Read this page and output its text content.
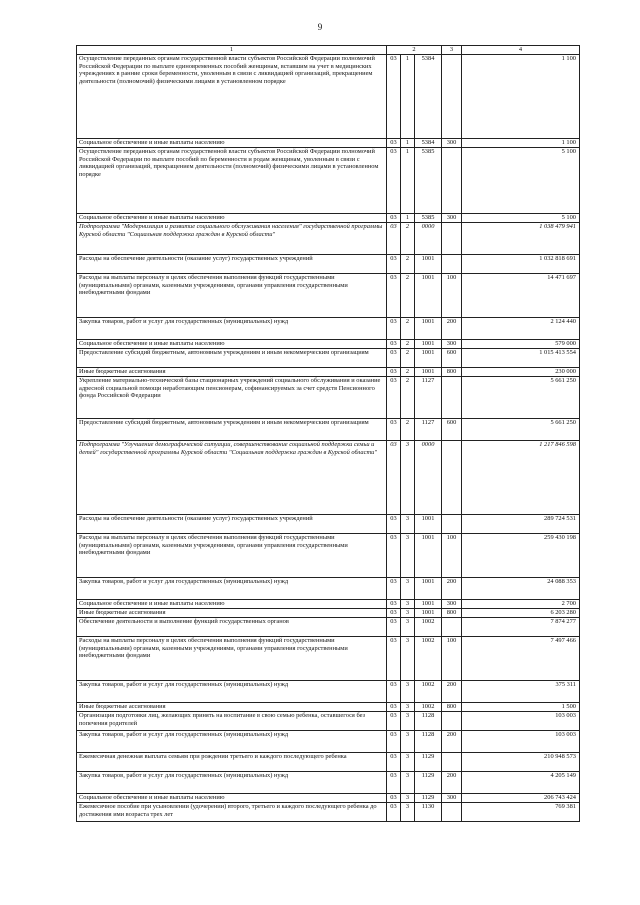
9
1	2			3	4
Осуществление переданных органам государственной власти субъектов Российской Федерации полномочий Российской Федерации по выплате единовременных пособий женщинам, вставшим на учет в медицинских учреждениях в ранние сроки беременности, уволенным в связи с ликвидацией организаций, прекращением деятельности (полномочий) физическими лицами в установленном порядке	03	1	5384		1 100
Социальное обеспечение и иные выплаты населению	03	1	5384	300	1 100
Осуществление переданных органам государственной власти субъектов Российской Федерации полномочий Российской Федерации по выплате пособий по беременности и родам женщинам, уволенным в связи с ликвидацией организаций, прекращением деятельности (полномочий) физическими лицами в установленном порядке	03	1	5385		5 100
Социальное обеспечение и иные выплаты населению	03	1	5385	300	5 100
Подпрограмма "Модернизация и развитие социального обслуживания населения" государственной программы Курской области "Социальная поддержка граждан в Курской области"	03	2	0000		1 038 479 941
Расходы на обеспечение деятельности (оказание услуг) государственных учреждений	03	2	1001		1 032 818 691
Расходы на выплаты персоналу в целях обеспечения выполнения функций государственными (муниципальными) органами, казенными учреждениями, органами управления государственными внебюджетными фондами	03	2	1001	100	14 471 697
Закупка товаров, работ и услуг для государственных (муниципальных) нужд	03	2	1001	200	2 124 440
Социальное обеспечение и иные выплаты населению	03	2	1001	300	579 000
Предоставление субсидий бюджетным, автономным учреждениям и иным некоммерческим организациям	03	2	1001	600	1 015 413 554
Иные бюджетные ассигнования	03	2	1001	800	230 000
Укрепление материально-технической базы стационарных учреждений социального обслуживания и оказание адресной социальной помощи неработающим пенсионерам, софинансируемых за счет средств Пенсионного фонда Российской Федерации	03	2	1127		5 661 250
Предоставление субсидий бюджетным, автономным учреждениям и иным некоммерческим организациям	03	2	1127	600	5 661 250
Подпрограмма "Улучшение демографической ситуации, совершенствование социальной поддержки семьи и детей" государственной программы Курской области "Социальная поддержка граждан в Курской области"	03	3	0000		1 217 846 598
Расходы на обеспечение деятельности (оказание услуг) государственных учреждений	03	3	1001		289 724 531
Расходы на выплаты персоналу в целях обеспечения выполнения функций государственными (муниципальными) органами, казенными учреждениями, органами управления государственными внебюджетными фондами	03	3	1001	100	259 430 198
Закупка товаров, работ и услуг для государственных (муниципальных) нужд	03	3	1001	200	24 088 353
Социальное обеспечение и иные выплаты населению	03	3	1001	300	2 700
Иные бюджетные ассигнования	03	3	1001	800	6 203 280
Обеспечение деятельности и выполнение функций государственных органов	03	3	1002		7 874 277
Расходы на выплаты персоналу в целях обеспечения выполнения функций государственными (муниципальными) органами, казенными учреждениями, органами управления государственными внебюджетными фондами	03	3	1002	100	7 497 466
Закупка товаров, работ и услуг для государственных (муниципальных) нужд	03	3	1002	200	375 311
Иные бюджетные ассигнования	03	3	1002	800	1 500
Организация подготовки лиц, желающих принять на воспитание в свою семью ребенка, оставшегося без попечения родителей	03	3	1128		103 003
Закупка товаров, работ и услуг для государственных (муниципальных) нужд	03	3	1128	200	103 003
Ежемесячная денежная выплата семьям при рождении третьего и каждого последующего ребенка	03	3	1129		210 948 573
Закупка товаров, работ и услуг для государственных (муниципальных) нужд	03	3	1129	200	4 205 149
Социальное обеспечение и иные выплаты населению	03	3	1129	300	206 743 424
Ежемесячное пособие при усыновлении (удочерении) второго, третьего и каждого последующего ребенка до достижения ими возраста трех лет	03	3	1130		769 381
